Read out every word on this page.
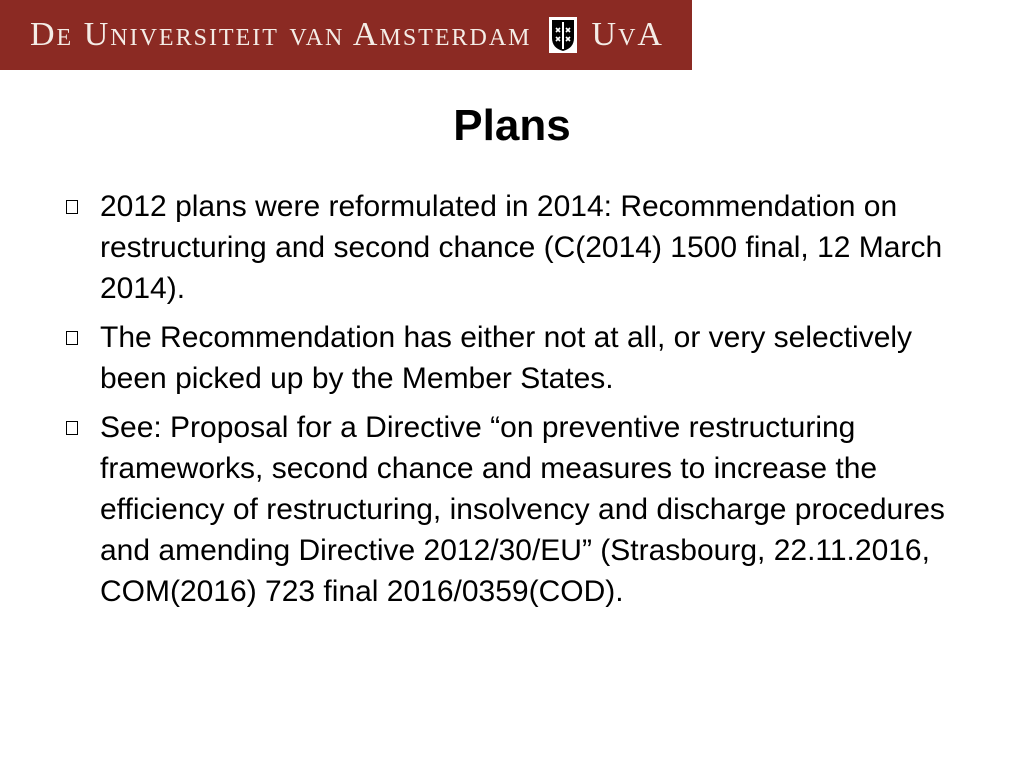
De Universiteit van Amsterdam UvA
Plans
2012 plans were reformulated in 2014: Recommendation on restructuring and second chance (C(2014) 1500 final, 12 March 2014).
The Recommendation has either not at all, or very selectively been picked up by the Member States.
See: Proposal for a Directive “on preventive restructuring frameworks, second chance and measures to increase the efficiency of restructuring, insolvency and discharge procedures and amending Directive 2012/30/EU” (Strasbourg, 22.11.2016, COM(2016) 723 final 2016/0359(COD).
